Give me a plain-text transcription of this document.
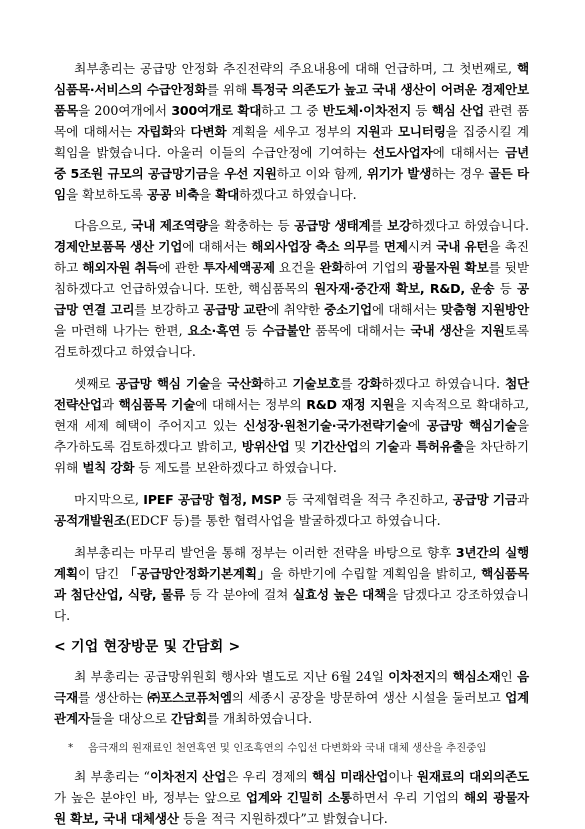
최부총리는 공급망 안정화 추진전략의 주요내용에 대해 언급하며, 그 첫번째로, 핵심품목·서비스의 수급안정화를 위해 특정국 의존도가 높고 국내 생산이 어려운 경제안보품목을 200여개에서 300여개로 확대하고 그 중 반도체·이차전지 등 핵심 산업 관련 품목에 대해서는 자립화와 다변화 계획을 세우고 정부의 지원과 모니터링을 집중시킬 계획임을 밝혔습니다. 아울러 이들의 수급안정에 기여하는 선도사업자에 대해서는 금년 중 5조원 규모의 공급망기금을 우선 지원하고 이와 함께, 위기가 발생하는 경우 골든 타임을 확보하도록 공공 비축을 확대하겠다고 하였습니다.

다음으로, 국내 제조역량을 확충하는 등 공급망 생태계를 보강하겠다고 하였습니다. 경제안보품목 생산 기업에 대해서는 해외사업장 축소 의무를 면제시켜 국내 유턴을 촉진하고 해외자원 취득에 관한 투자세액공제 요건을 완화하여 기업의 광물자원 확보를 뒷받침하겠다고 언급하였습니다. 또한, 핵심품목의 원자재·중간재 확보, R&D, 운송 등 공급망 연결 고리를 보강하고 공급망 교란에 취약한 중소기업에 대해서는 맞춤형 지원방안을 마련해 나가는 한편, 요소·흑연 등 수급불안 품목에 대해서는 국내 생산을 지원토록 검토하겠다고 하였습니다.

셋째로 공급망 핵심 기술을 국산화하고 기술보호를 강화하겠다고 하였습니다. 첨단 전략산업과 핵심품목 기술에 대해서는 정부의 R&D 재정 지원을 지속적으로 확대하고, 현재 세제 혜택이 주어지고 있는 신성장·원천기술·국가전략기술에 공급망 핵심기술을 추가하도록 검토하겠다고 밝히고, 방위산업 및 기간산업의 기술과 특허유출을 차단하기 위해 벌칙 강화 등 제도를 보완하겠다고 하였습니다.

마지막으로, IPEF 공급망 협정, MSP 등 국제협력을 적극 추진하고, 공급망 기금과 공적개발원조(EDCF 등)를 통한 협력사업을 발굴하겠다고 하였습니다.

최부총리는 마무리 발언을 통해 정부는 이러한 전략을 바탕으로 향후 3년간의 실행계획이 담긴 「공급망안정화기본계획」을 하반기에 수립할 계획임을 밝히고, 핵심품목과 첨단산업, 식량, 물류 등 각 분야에 걸쳐 실효성 높은 대책을 담겠다고 강조하였습니다.

< 기업 현장방문 및 간담회 >

최 부총리는 공급망위원회 행사와 별도로 지난 6월 24일 이차전지의 핵심소재인 음극재를 생산하는 ㈜포스코퓨처엠의 세종시 공장을 방문하여 생산 시설을 둘러보고 업계 관계자들을 대상으로 간담회를 개최하였습니다.

* 음극재의 원재료인 천연흑연 및 인조흑연의 수입선 다변화와 국내 대체 생산을 추진중임

최 부총리는 “이차전지 산업은 우리 경제의 핵심 미래산업이나 원재료의 대외의존도가 높은 분야인 바, 정부는 앞으로 업계와 긴밀히 소통하면서 우리 기업의 해외 광물자원 확보, 국내 대체생산 등을 적극 지원하겠다”고 밝혔습니다.
